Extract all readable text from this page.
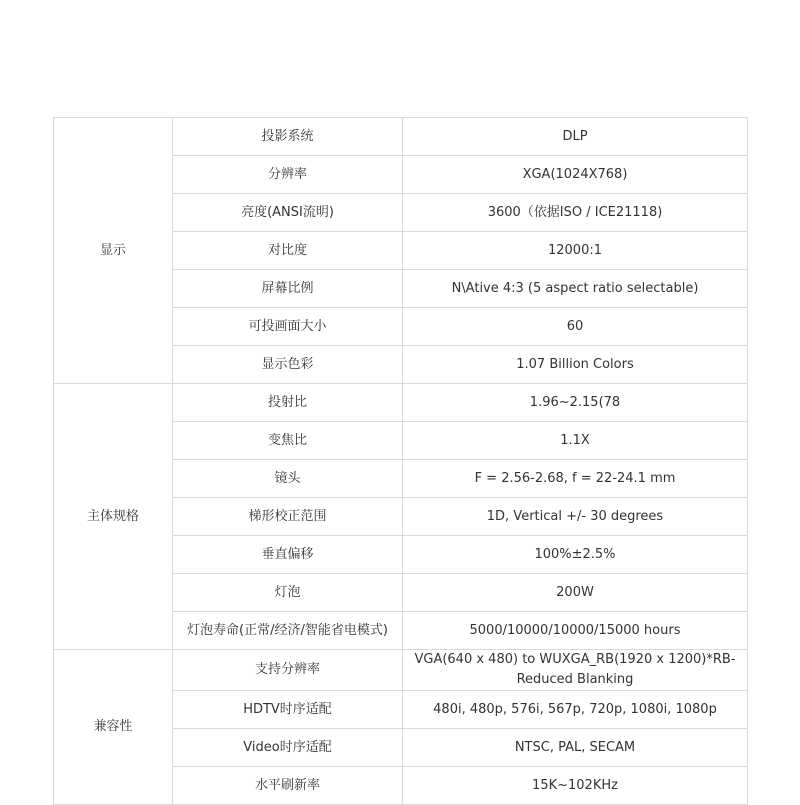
显示	投影系统	DLP
	分辨率	XGA(1024X768)
	亮度(ANSI流明)	3600（依据ISO / ICE21118)
	对比度	12000:1
	屏幕比例	N\Ative 4:3 (5 aspect ratio selectable)
	可投画面大小	60
	显示色彩	1.07 Billion Colors
主体规格	投射比	1.96~2.15(78
	变焦比	1.1X
	镜头	F = 2.56-2.68, f = 22-24.1 mm
	梯形校正范围	1D, Vertical +/- 30 degrees
	垂直偏移	100%±2.5%
	灯泡	200W
	灯泡寿命(正常/经济/智能省电模式)	5000/10000/10000/15000 hours
兼容性	支持分辨率	VGA(640 x 480) to WUXGA_RB(1920 x 1200)*RB- Reduced Blanking
	HDTV时序适配	480i, 480p, 576i, 567p, 720p, 1080i, 1080p
	Video时序适配	NTSC, PAL, SECAM
	水平刷新率	15K~102KHz
